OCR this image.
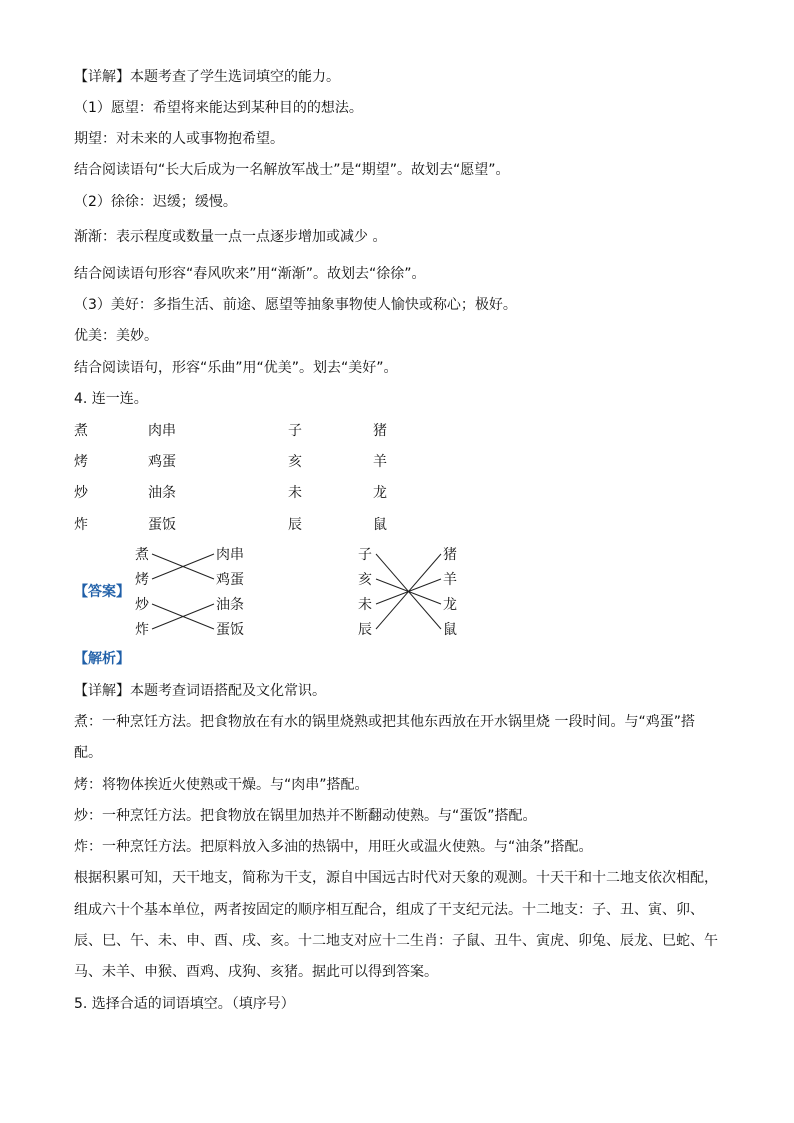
【详解】本题考查了学生选词填空的能力。
（1）愿望：希望将来能达到某种目的的想法。
期望：对未来的人或事物抱希望。
结合阅读语句“长大后成为一名解放军战士”是“期望”。故划去“愿望”。
（2）徐徐：迟缓；缓慢。
渐渐：表示程度或数量一点一点逐步增加或减少 。
结合阅读语句形容“春风吹来”用“渐渐”。故划去“徐徐”。
（3）美好：多指生活、前途、愿望等抽象事物使人愉快或称心；极好。
优美：美妙。
结合阅读语句，形容“乐曲”用“优美”。划去“美好”。
4. 连一连。
煮	肉串	子	猪
烤	鸡蛋	亥	羊
炒	油条	未	龙
炸	蛋饭	辰	鼠
【答案】
煮
烤
炒
炸
肉串
鸡蛋
油条
蛋饭
子
亥
未
辰
猪
羊
龙
鼠
【解析】
【详解】本题考查词语搭配及文化常识。
煮：一种烹饪方法。把食物放在有水的锅里烧熟或把其他东西放在开水锅里烧 一段时间。与“鸡蛋”搭
配。
烤：将物体挨近火使熟或干燥。与“肉串”搭配。
炒：一种烹饪方法。把食物放在锅里加热并不断翻动使熟。与“蛋饭”搭配。
炸：一种烹饪方法。把原料放入多油的热锅中，用旺火或温火使熟。与“油条”搭配。
根据积累可知，天干地支，简称为干支，源自中国远古时代对天象的观测。十天干和十二地支依次相配，
组成六十个基本单位，两者按固定的顺序相互配合，组成了干支纪元法。十二地支：子、丑、寅、卯、
辰、巳、午、未、申、酉、戌、亥。十二地支对应十二生肖：子鼠、丑牛、寅虎、卯兔、辰龙、巳蛇、午
马、未羊、申猴、酉鸡、戌狗、亥猪。据此可以得到答案。
5. 选择合适的词语填空。（填序号）
